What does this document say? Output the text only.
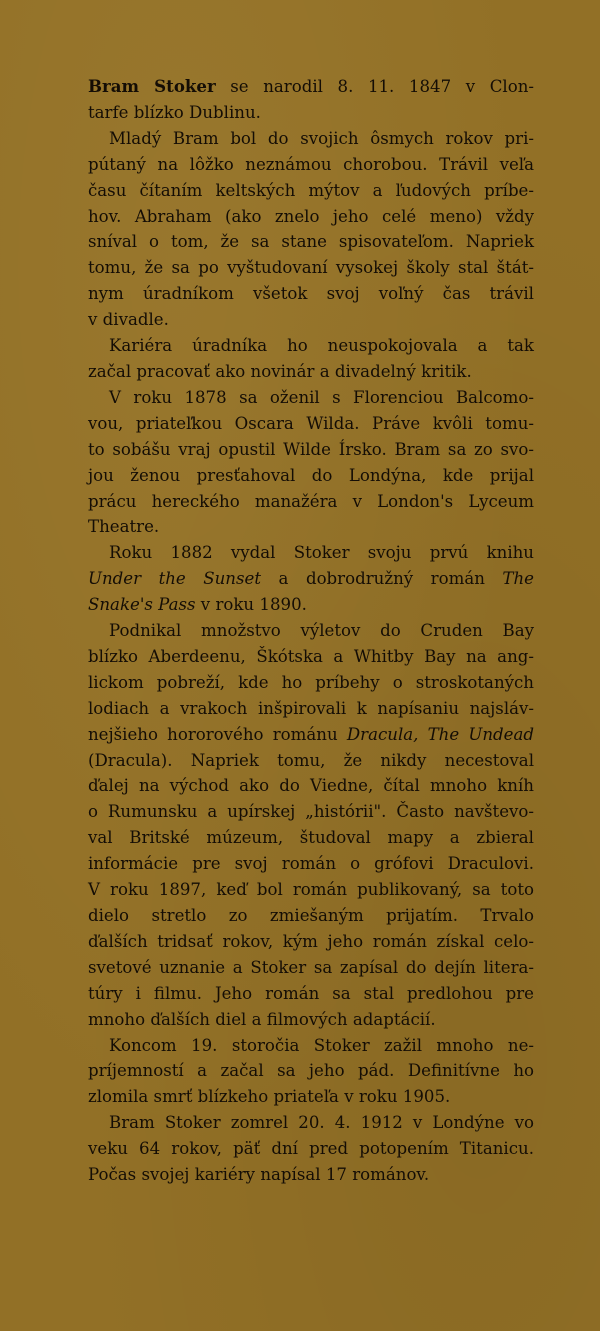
Bram Stoker se narodil 8. 11. 1847 v Clon-
tarfe blízko Dublinu.

Mladý Bram bol do svojich ôsmych rokov pri-
pútaný na lôžko neznámou chorobou. Trávil veľa
času čítaním keltských mýtov a ľudových príbe-
hov. Abraham (ako znelo jeho celé meno) vždy
sníval o tom, že sa stane spisovateľom. Napriek
tomu, že sa po vyštudovaní vysokej školy stal štát-
nym úradníkom všetok svoj voľný čas trávil
v divadle.

Kariéra úradníka ho neuspokojovala a tak
začal pracovať ako novinár a divadelný kritik.

V roku 1878 sa oženil s Florenciou Balcomo-
vou, priateľkou Oscara Wilda. Práve kvôli tomu-
to sobášu vraj opustil Wilde Írsko. Bram sa zo svo-
jou ženou presťahoval do Londýna, kde prijal
prácu hereckého manažéra v London's Lyceum
Theatre.

Roku 1882 vydal Stoker svoju prvú knihu
Under the Sunset a dobrodružný román The
Snake's Pass v roku 1890.

Podnikal množstvo výletov do Cruden Bay
blízko Aberdeenu, Škótska a Whitby Bay na ang-
lickom pobreží, kde ho príbehy o stroskotaných
lodiach a vrakoch inšpirovali k napísaniu najsláv-
nejšieho hororového románu Dracula, The Undead
(Dracula). Napriek tomu, že nikdy necestoval
ďalej na východ ako do Viedne, čítal mnoho kníh
o Rumunsku a upírskej „histórii". Často navštevo-
val Britské múzeum, študoval mapy a zbieral
informácie pre svoj román o grófovi Draculovi.
V roku 1897, keď bol román publikovaný, sa toto
dielo stretlo zo zmiešaným prijatím. Trvalo
ďalších tridsať rokov, kým jeho román získal celo-
svetové uznanie a Stoker sa zapísal do dejín litera-
túry i filmu. Jeho román sa stal predlohou pre
mnoho ďalších diel a filmových adaptácií.

Koncom 19. storočia Stoker zažil mnoho ne-
príjemností a začal sa jeho pád. Definitívne ho
zlomila smrť blízkeho priateľa v roku 1905.

Bram Stoker zomrel 20. 4. 1912 v Londýne vo
veku 64 rokov, päť dní pred potopením Titanicu.
Počas svojej kariéry napísal 17 románov.
